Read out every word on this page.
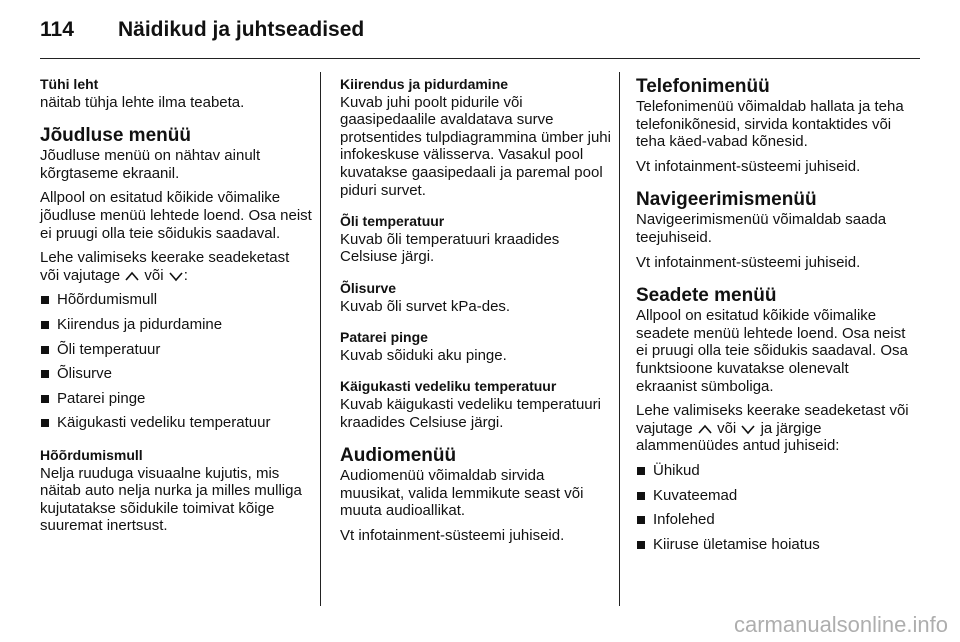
114 Näidikud ja juhtseadised

Tühi leht

näitab tühja lehte ilma teabeta.

Jõudluse menüü

Jõudluse menüü on nähtav ainult kõrgtaseme ekraanil.

Allpool on esitatud kõikide võimalike jõudluse menüü lehtede loend. Osa neist ei pruugi olla teie sõidukis saadaval.

Lehe valimiseks keerake seadeketast või vajutage või :

Hõõrdumismull
Kiirendus ja pidurdamine
Õli temperatuur
Õlisurve
Patarei pinge
Käigukasti vedeliku temperatuur

Hõõrdumismull

Nelja ruuduga visuaalne kujutis, mis näitab auto nelja nurka ja milles mulliga kujutatakse sõidukile toimivat kõige suuremat inertsust.

Kiirendus ja pidurdamine

Kuvab juhi poolt pidurile või gaasipedaalile avaldatava surve protsentides tulpdiagrammina ümber juhi infokeskuse välisserva. Vasakul pool kuvatakse gaasipedaali ja paremal pool piduri survet.

Õli temperatuur

Kuvab õli temperatuuri kraadides Celsiuse järgi.

Õlisurve

Kuvab õli survet kPa-des.

Patarei pinge

Kuvab sõiduki aku pinge.

Käigukasti vedeliku temperatuur

Kuvab käigukasti vedeliku temperatuuri kraadides Celsiuse järgi.

Audiomenüü

Audiomenüü võimaldab sirvida muusikat, valida lemmikute seast või muuta audioallikat.

Vt infotainment-süsteemi juhiseid.

Telefonimenüü

Telefonimenüü võimaldab hallata ja teha telefonikõnesid, sirvida kontaktides või teha käed-vabad kõnesid.

Vt infotainment-süsteemi juhiseid.

Navigeerimismenüü

Navigeerimismenüü võimaldab saada teejuhiseid.

Vt infotainment-süsteemi juhiseid.

Seadete menüü

Allpool on esitatud kõikide võimalike seadete menüü lehtede loend. Osa neist ei pruugi olla teie sõidukis saadaval. Osa funktsioone kuvatakse olenevalt ekraanist sümboliga.

Lehe valimiseks keerake seadeketast või vajutage või ja järgige alammenüüdes antud juhiseid:

Ühikud
Kuvateemad
Infolehed
Kiiruse ületamise hoiatus
carmanualsonline.info
